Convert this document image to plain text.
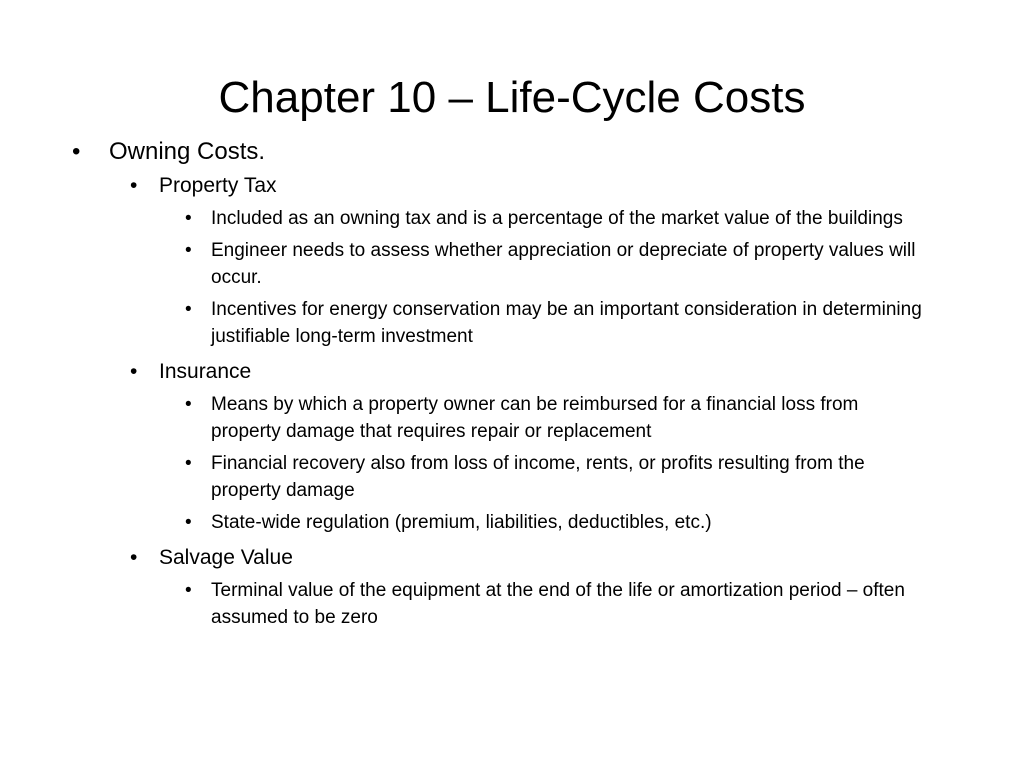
Chapter 10 – Life-Cycle Costs
• Owning Costs.
• Property Tax
• Included as an owning tax and is a percentage of the market value of the buildings
• Engineer needs to assess whether appreciation or depreciate of property values will occur.
• Incentives for energy conservation may be an important consideration in determining justifiable long-term investment
• Insurance
• Means by which a property owner can be reimbursed for a financial loss from property damage that requires repair or replacement
• Financial recovery also from loss of income, rents, or profits resulting from the property damage
• State-wide regulation (premium, liabilities, deductibles, etc.)
• Salvage Value
• Terminal value of the equipment at the end of the life or amortization period – often assumed to be zero
